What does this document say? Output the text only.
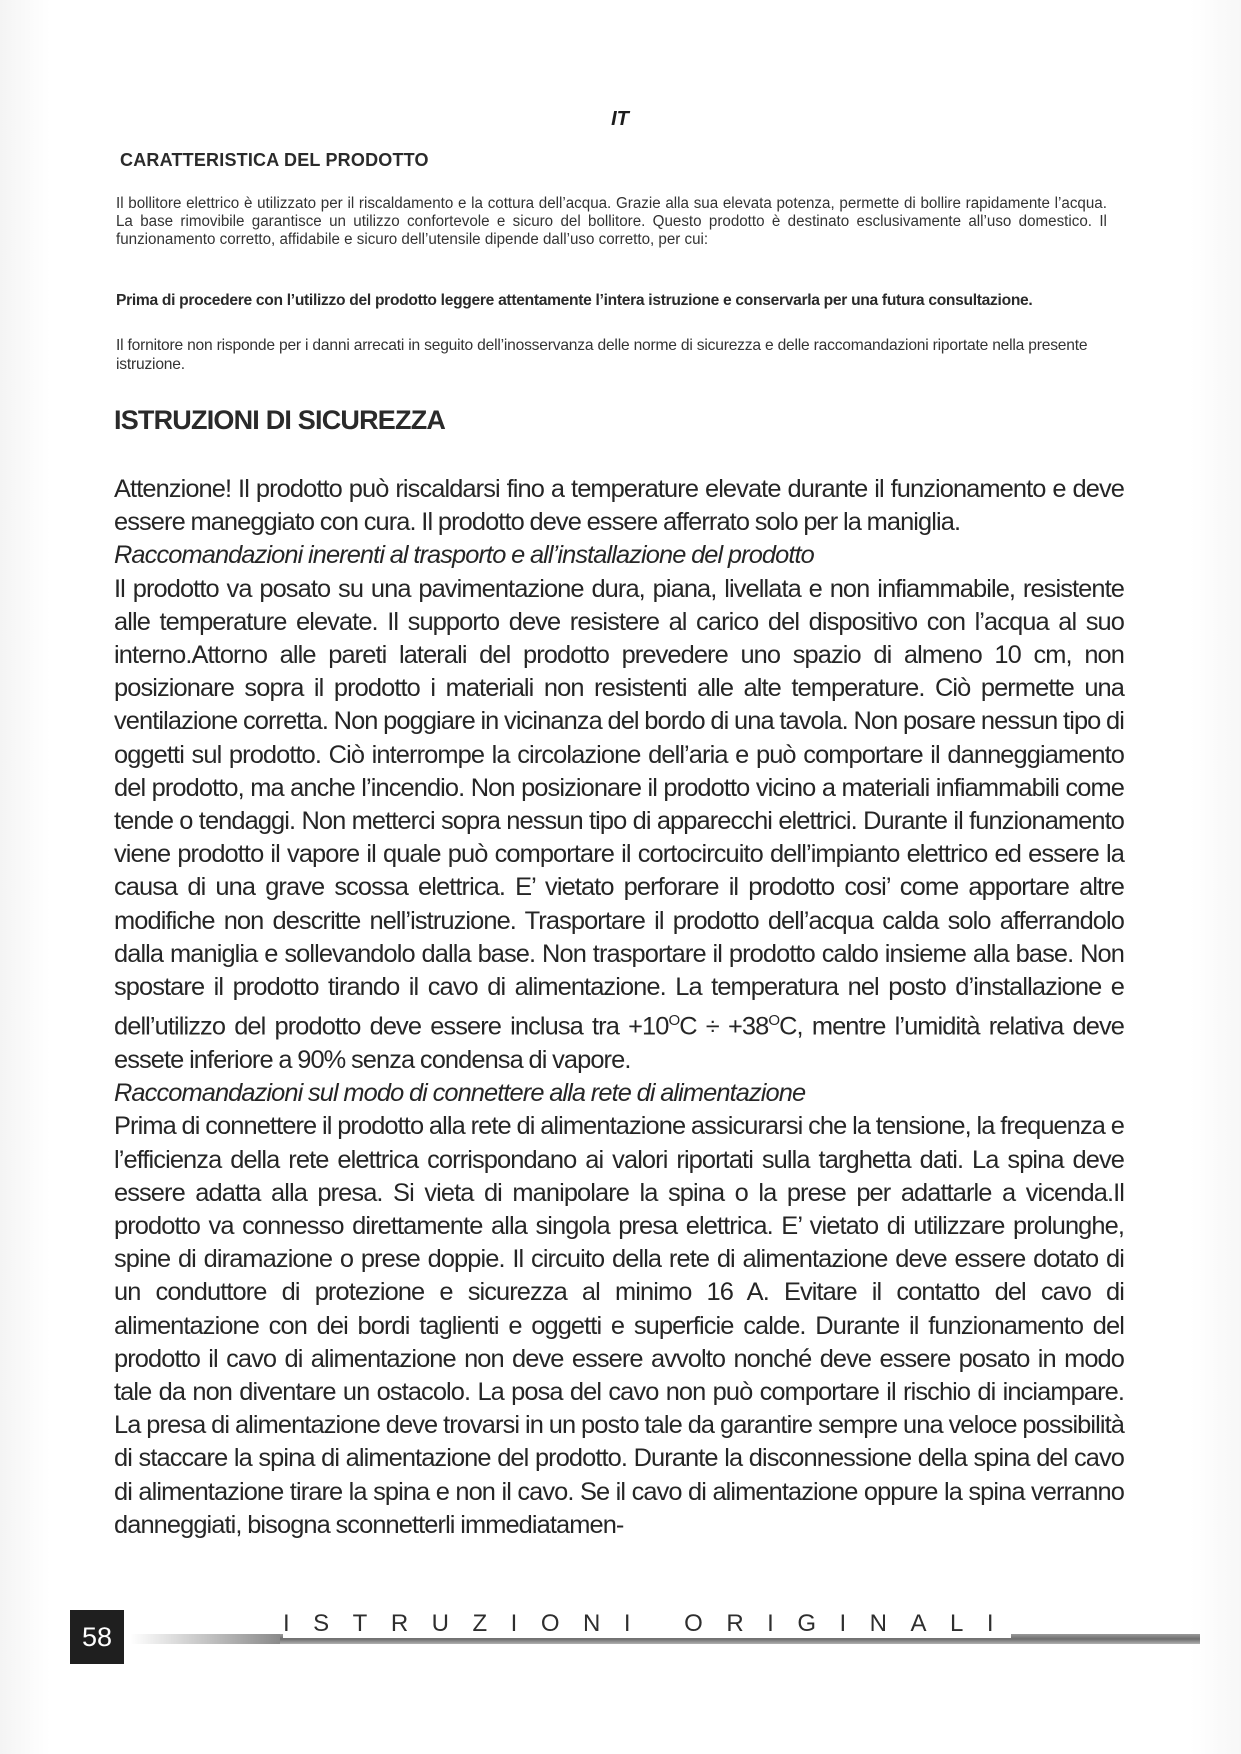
IT
CARATTERISTICA DEL PRODOTTO
Il bollitore elettrico è utilizzato per il riscaldamento e la cottura dell’acqua. Grazie alla sua elevata potenza, permette di bollire rapidamente l’acqua. La base rimovibile garantisce un utilizzo confortevole e sicuro del bollitore. Questo prodotto è destinato esclusivamente all’uso domestico. Il funzionamento corretto, affidabile e sicuro dell’utensile dipende dall’uso corretto, per cui:
Prima di procedere con l’utilizzo del prodotto leggere attentamente l’intera istruzione e conservarla per una futura consultazione.
Il fornitore non risponde per i danni arrecati in seguito dell’inosservanza delle norme di sicurezza e delle raccomandazioni riportate nella presente istruzione.
ISTRUZIONI DI SICUREZZA

Attenzione! Il prodotto può riscaldarsi fino a temperature elevate durante il funzionamento e deve essere maneggiato con cura. Il prodotto deve essere afferrato solo per la maniglia.

Raccomandazioni inerenti al trasporto e all’installazione del prodotto

Il prodotto va posato su una pavimentazione dura, piana, livellata e non infiammabile, resistente alle temperature elevate. Il supporto deve resistere al carico del dispositivo con l’acqua al suo interno.Attorno alle pareti laterali del prodotto prevedere uno spazio di almeno 10 cm, non posizionare sopra il prodotto i materiali non resistenti alle alte temperature. Ciò permette una ventilazione corretta. Non poggiare in vicinanza del bordo di una tavola. Non posare nessun tipo di oggetti sul prodotto. Ciò interrompe la circolazione dell’aria e può comportare il danneggiamento del prodotto, ma anche l’incendio. Non posizionare il prodotto vicino a materiali infiammabili come tende o tendaggi. Non metterci sopra nessun tipo di apparecchi elettrici. Durante il funzionamento viene prodotto il vapore il quale può comportare il cortocircuito dell’impianto elettrico ed essere la causa di una grave scossa elettrica. E’ vietato perforare il prodotto cosi’ come apportare altre modifiche non descritte nell’istruzione. Trasportare il prodotto dell’acqua calda solo afferrandolo dalla maniglia e sollevandolo dalla base. Non trasportare il prodotto caldo insieme alla base. Non spostare il prodotto tirando il cavo di alimentazione. La temperatura nel posto d’installazione e dell’utilizzo del prodotto deve essere inclusa tra $+10^OC \div +38^OC$, mentre l’umidità relativa deve essete inferiore a 90% senza condensa di vapore.

Raccomandazioni sul modo di connettere alla rete di alimentazione

Prima di connettere il prodotto alla rete di alimentazione assicurarsi che la tensione, la frequenza e l’efficienza della rete elettrica corrispondano ai valori riportati sulla targhetta dati. La spina deve essere adatta alla presa. Si vieta di manipolare la spina o la prese per adattarle a vicenda.Il prodotto va connesso direttamente alla singola presa elettrica. E’ vietato di utilizzare prolunghe, spine di diramazione o prese doppie. Il circuito della rete di alimentazione deve essere dotato di un conduttore di protezione e sicurezza al minimo 16 A. Evitare il contatto del cavo di alimentazione con dei bordi taglienti e oggetti e superficie calde. Durante il funzionamento del prodotto il cavo di alimentazione non deve essere avvolto nonché deve essere posato in modo tale da non diventare un ostacolo. La posa del cavo non può comportare il rischio di inciampare. La presa di alimentazione deve trovarsi in un posto tale da garantire sempre una veloce possibilità di staccare la spina di alimentazione del prodotto. Durante la disconnessione della spina del cavo di alimentazione tirare la spina e non il cavo. Se il cavo di alimentazione oppure la spina verranno danneggiati, bisogna sconnetterli immediatamen-

ISTRUZIONI ORIGINALI
58
